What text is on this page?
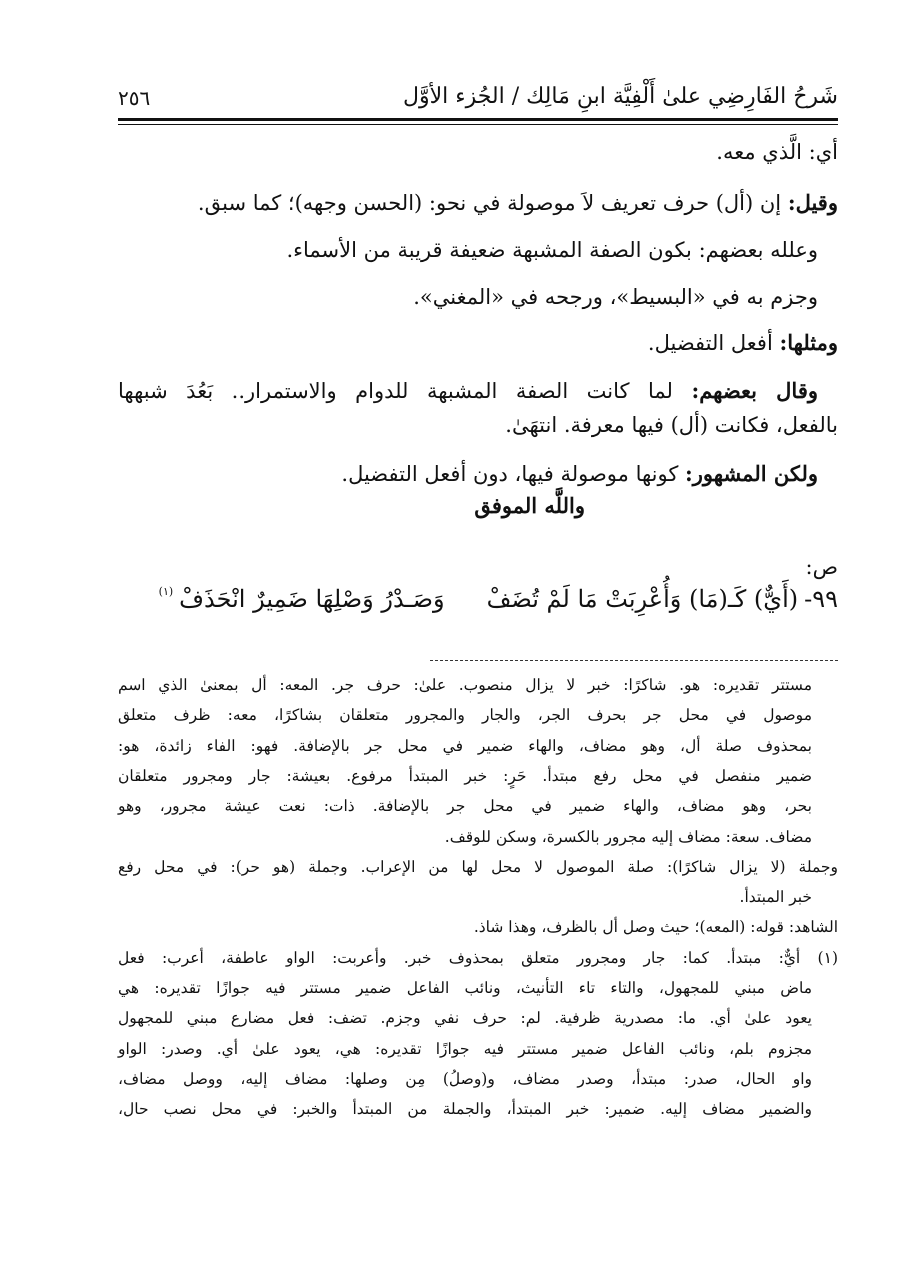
شَرحُ الفَارِضِي علىٰ أَلْفِيَّة ابنِ مَالِك / الجُزء الأوَّل
٢٥٦
أي: الَّذي معه.
وقيل: إن (أل) حرف تعريف لاَ موصولة في نحو: (الحسن وجهه)؛ كما سبق.
وعلله بعضهم: بكون الصفة المشبهة ضعيفة قريبة من الأسماء.
وجزم به في «البسيط»، ورجحه في «المغني».
ومثلها: أفعل التفضيل.
وقال بعضهم: لما كانت الصفة المشبهة للدوام والاستمرار.. بَعُدَ شبهها
بالفعل، فكانت (أل) فيها معرفة. انتهَىٰ.
ولكن المشهور: كونها موصولة فيها، دون أفعل التفضيل.
واللَّه الموفق
ص:
٩٩-
(أَيٌّ) كَـ(مَا) وَأُعْرِبَتْ مَا لَمْ تُضَفْ
وَصَـدْرُ وَصْلِهَا ضَمِيرٌ انْحَذَفْ
(١)
مستتر تقديره: هو. شاكرًا: خبر لا يزال منصوب. علىٰ: حرف جر. المعه: أل بمعنىٰ الذي اسم
موصول في محل جر بحرف الجر، والجار والمجرور متعلقان بشاكرًا، معه: ظرف متعلق
بمحذوف صلة أل، وهو مضاف، والهاء ضمير في محل جر بالإضافة. فهو: الفاء زائدة، هو:
ضمير منفصل في محل رفع مبتدأ. حَرٍ: خبر المبتدأ مرفوع. بعيشة: جار ومجرور متعلقان
بحر، وهو مضاف، والهاء ضمير في محل جر بالإضافة. ذات: نعت عيشة مجرور، وهو
مضاف. سعة: مضاف إليه مجرور بالكسرة، وسكن للوقف.
وجملة (لا يزال شاكرًا): صلة الموصول لا محل لها من الإعراب. وجملة (هو حر): في محل رفع
خبر المبتدأ.
الشاهد: قوله: (المعه)؛ حيث وصل أل بالظرف، وهذا شاذ.
(١) أيٌّ: مبتدأ. كما: جار ومجرور متعلق بمحذوف خبر. وأعربت: الواو عاطفة، أعرب: فعل
ماض مبني للمجهول، والتاء تاء التأنيث، ونائب الفاعل ضمير مستتر فيه جوازًا تقديره: هي
يعود علىٰ أي. ما: مصدرية ظرفية. لم: حرف نفي وجزم. تضف: فعل مضارع مبني للمجهول
مجزوم بلم، ونائب الفاعل ضمير مستتر فيه جوازًا تقديره: هي، يعود علىٰ أي. وصدر: الواو
واو الحال، صدر: مبتدأ، وصدر مضاف، و(وصلُ) مِن وصلها: مضاف إليه، ووصل مضاف،
والضمير مضاف إليه. ضمير: خبر المبتدأ، والجملة من المبتدأ والخبر: في محل نصب حال،
